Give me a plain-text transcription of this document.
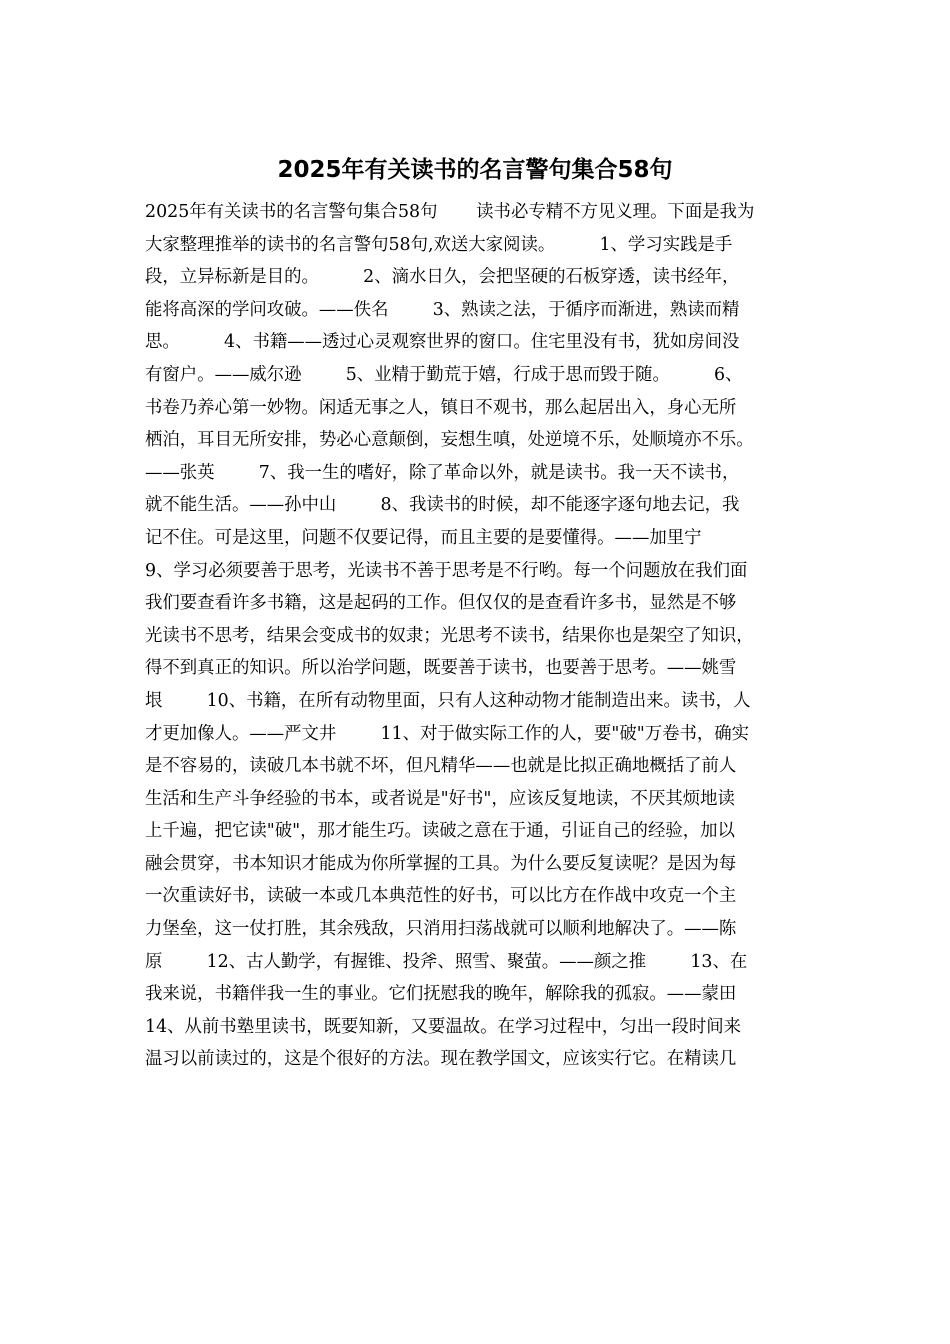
2025年有关读书的名言警句集合58句
2025年有关读书的名言警句集合58句       读书必专精不方见义理。下面是我为
大家整理推举的读书的名言警句58句,欢送大家阅读。        1、学习实践是手
段，立异标新是目的。        2、滴水日久，会把坚硬的石板穿透，读书经年，
能将高深的学问攻破。——佚名        3、熟读之法，于循序而渐进，熟读而精
思。        4、书籍——透过心灵观察世界的窗口。住宅里没有书，犹如房间没
有窗户。——威尔逊        5、业精于勤荒于嬉，行成于思而毁于随。        6、
书卷乃养心第一妙物。闲适无事之人，镇日不观书，那么起居出入，身心无所
栖泊，耳目无所安排，势必心意颠倒，妄想生嗔，处逆境不乐，处顺境亦不乐。
——张英        7、我一生的嗜好，除了革命以外，就是读书。我一天不读书，
就不能生活。——孙中山        8、我读书的时候，却不能逐字逐句地去记，我
记不住。可是这里，问题不仅要记得，而且主要的是要懂得。——加里宁
9、学习必须要善于思考，光读书不善于思考是不行哟。每一个问题放在我们面
我们要查看许多书籍，这是起码的工作。但仅仅的是查看许多书，显然是不够
光读书不思考，结果会变成书的奴隶；光思考不读书，结果你也是架空了知识，
得不到真正的知识。所以治学问题，既要善于读书，也要善于思考。——姚雪
垠        10、书籍，在所有动物里面，只有人这种动物才能制造出来。读书，人
才更加像人。——严文井        11、对于做实际工作的人，要"破"万卷书，确实
是不容易的，读破几本书就不坏，但凡精华——也就是比拟正确地概括了前人
生活和生产斗争经验的书本，或者说是"好书"，应该反复地读，不厌其烦地读
上千遍，把它读"破"，那才能生巧。读破之意在于通，引证自己的经验，加以
融会贯穿，书本知识才能成为你所掌握的工具。为什么要反复读呢？是因为每
一次重读好书，读破一本或几本典范性的好书，可以比方在作战中攻克一个主
力堡垒，这一仗打胜，其余残敌，只消用扫荡战就可以顺利地解决了。——陈
原        12、古人勤学，有握锥、投斧、照雪、聚萤。——颜之推        13、在
我来说，书籍伴我一生的事业。它们抚慰我的晚年，解除我的孤寂。——蒙田
14、从前书塾里读书，既要知新，又要温故。在学习过程中，匀出一段时间来
温习以前读过的，这是个很好的方法。现在教学国文，应该实行它。在精读几
